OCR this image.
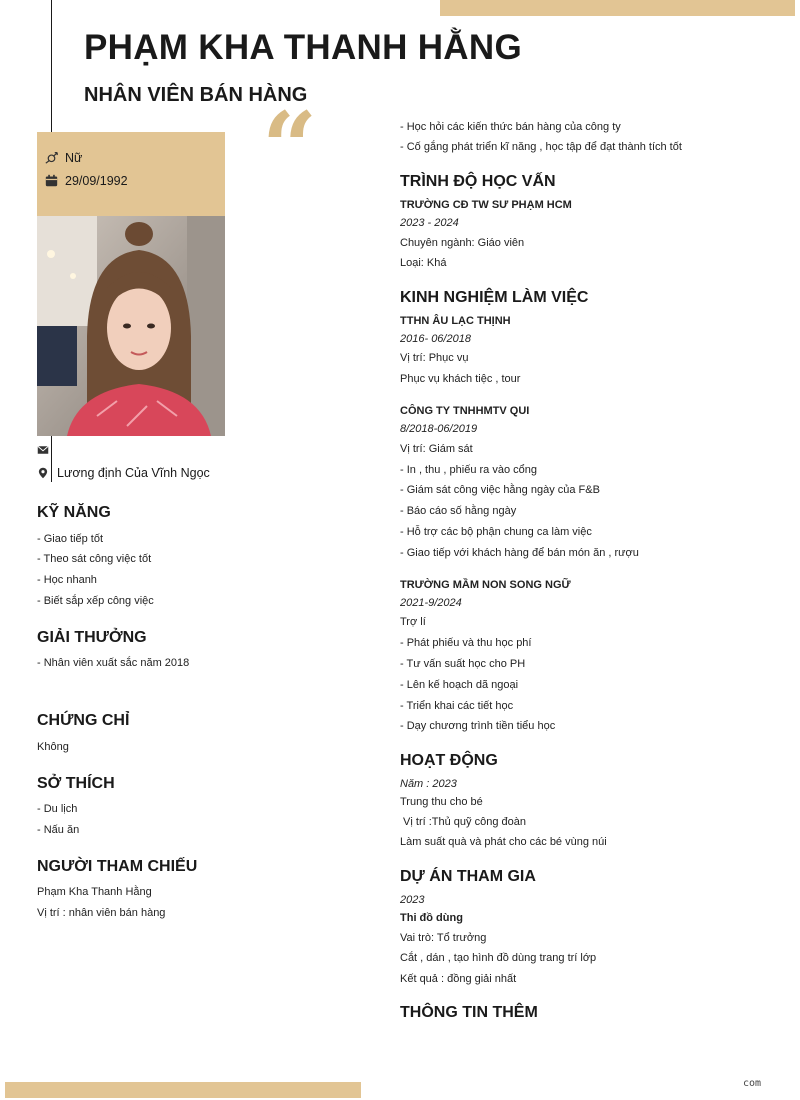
PHẠM KHA THANH HẰNG
NHÂN VIÊN BÁN HÀNG
Nữ
29/09/1992
Lương định Của Vĩnh Ngọc
“
KỸ NĂNG
- Giao tiếp tốt
- Theo sát công việc tốt
- Học nhanh
- Biết sắp xếp công việc
GIẢI THƯỞNG
- Nhân viên xuất sắc năm 2018
CHỨNG CHỈ
Không
SỞ THÍCH
- Du lịch
- Nấu ăn
NGƯỜI THAM CHIẾU
Phạm Kha Thanh Hằng
Vị trí : nhân viên bán hàng
- Học hỏi các kiến thức bán hàng của công ty
- Cố gắng phát triển kĩ năng , học tập để đạt thành tích tốt
TRÌNH ĐỘ HỌC VẤN
TRƯỜNG CĐ TW SƯ PHẠM HCM
2023 - 2024
Chuyên ngành: Giáo viên
Loại: Khá
KINH NGHIỆM LÀM VIỆC
TTHN ÂU LẠC THỊNH
2016- 06/2018
Vị trí: Phục vụ
Phục vụ khách tiệc , tour
CÔNG TY TNHHMTV QUI
8/2018-06/2019
Vị trí: Giám sát
- In , thu , phiếu ra vào cổng
- Giám sát công việc hằng ngày của F&B
- Báo cáo số hằng ngày
- Hỗ trợ các bộ phận chung ca làm việc
- Giao tiếp với khách hàng để bán món ăn , rượu
TRƯỜNG MẦM NON SONG NGỮ
2021-9/2024
Trợ lí
- Phát phiếu và thu học phí
- Tư vấn suất học cho PH
- Lên kế hoạch dã ngoại
- Triển khai các tiết học
- Dạy chương trình tiền tiểu học
HOẠT ĐỘNG
Năm : 2023
Trung thu cho bé
Vị trí :Thủ quỹ công đoàn
Làm suất quà và phát cho các bé vùng núi
DỰ ÁN THAM GIA
2023
Thi đồ dùng
Vai trò: Tổ trưởng
Cắt , dán , tạo hình đồ dùng trang trí lớp
Kết quả : đồng giải nhất
THÔNG TIN THÊM
com
